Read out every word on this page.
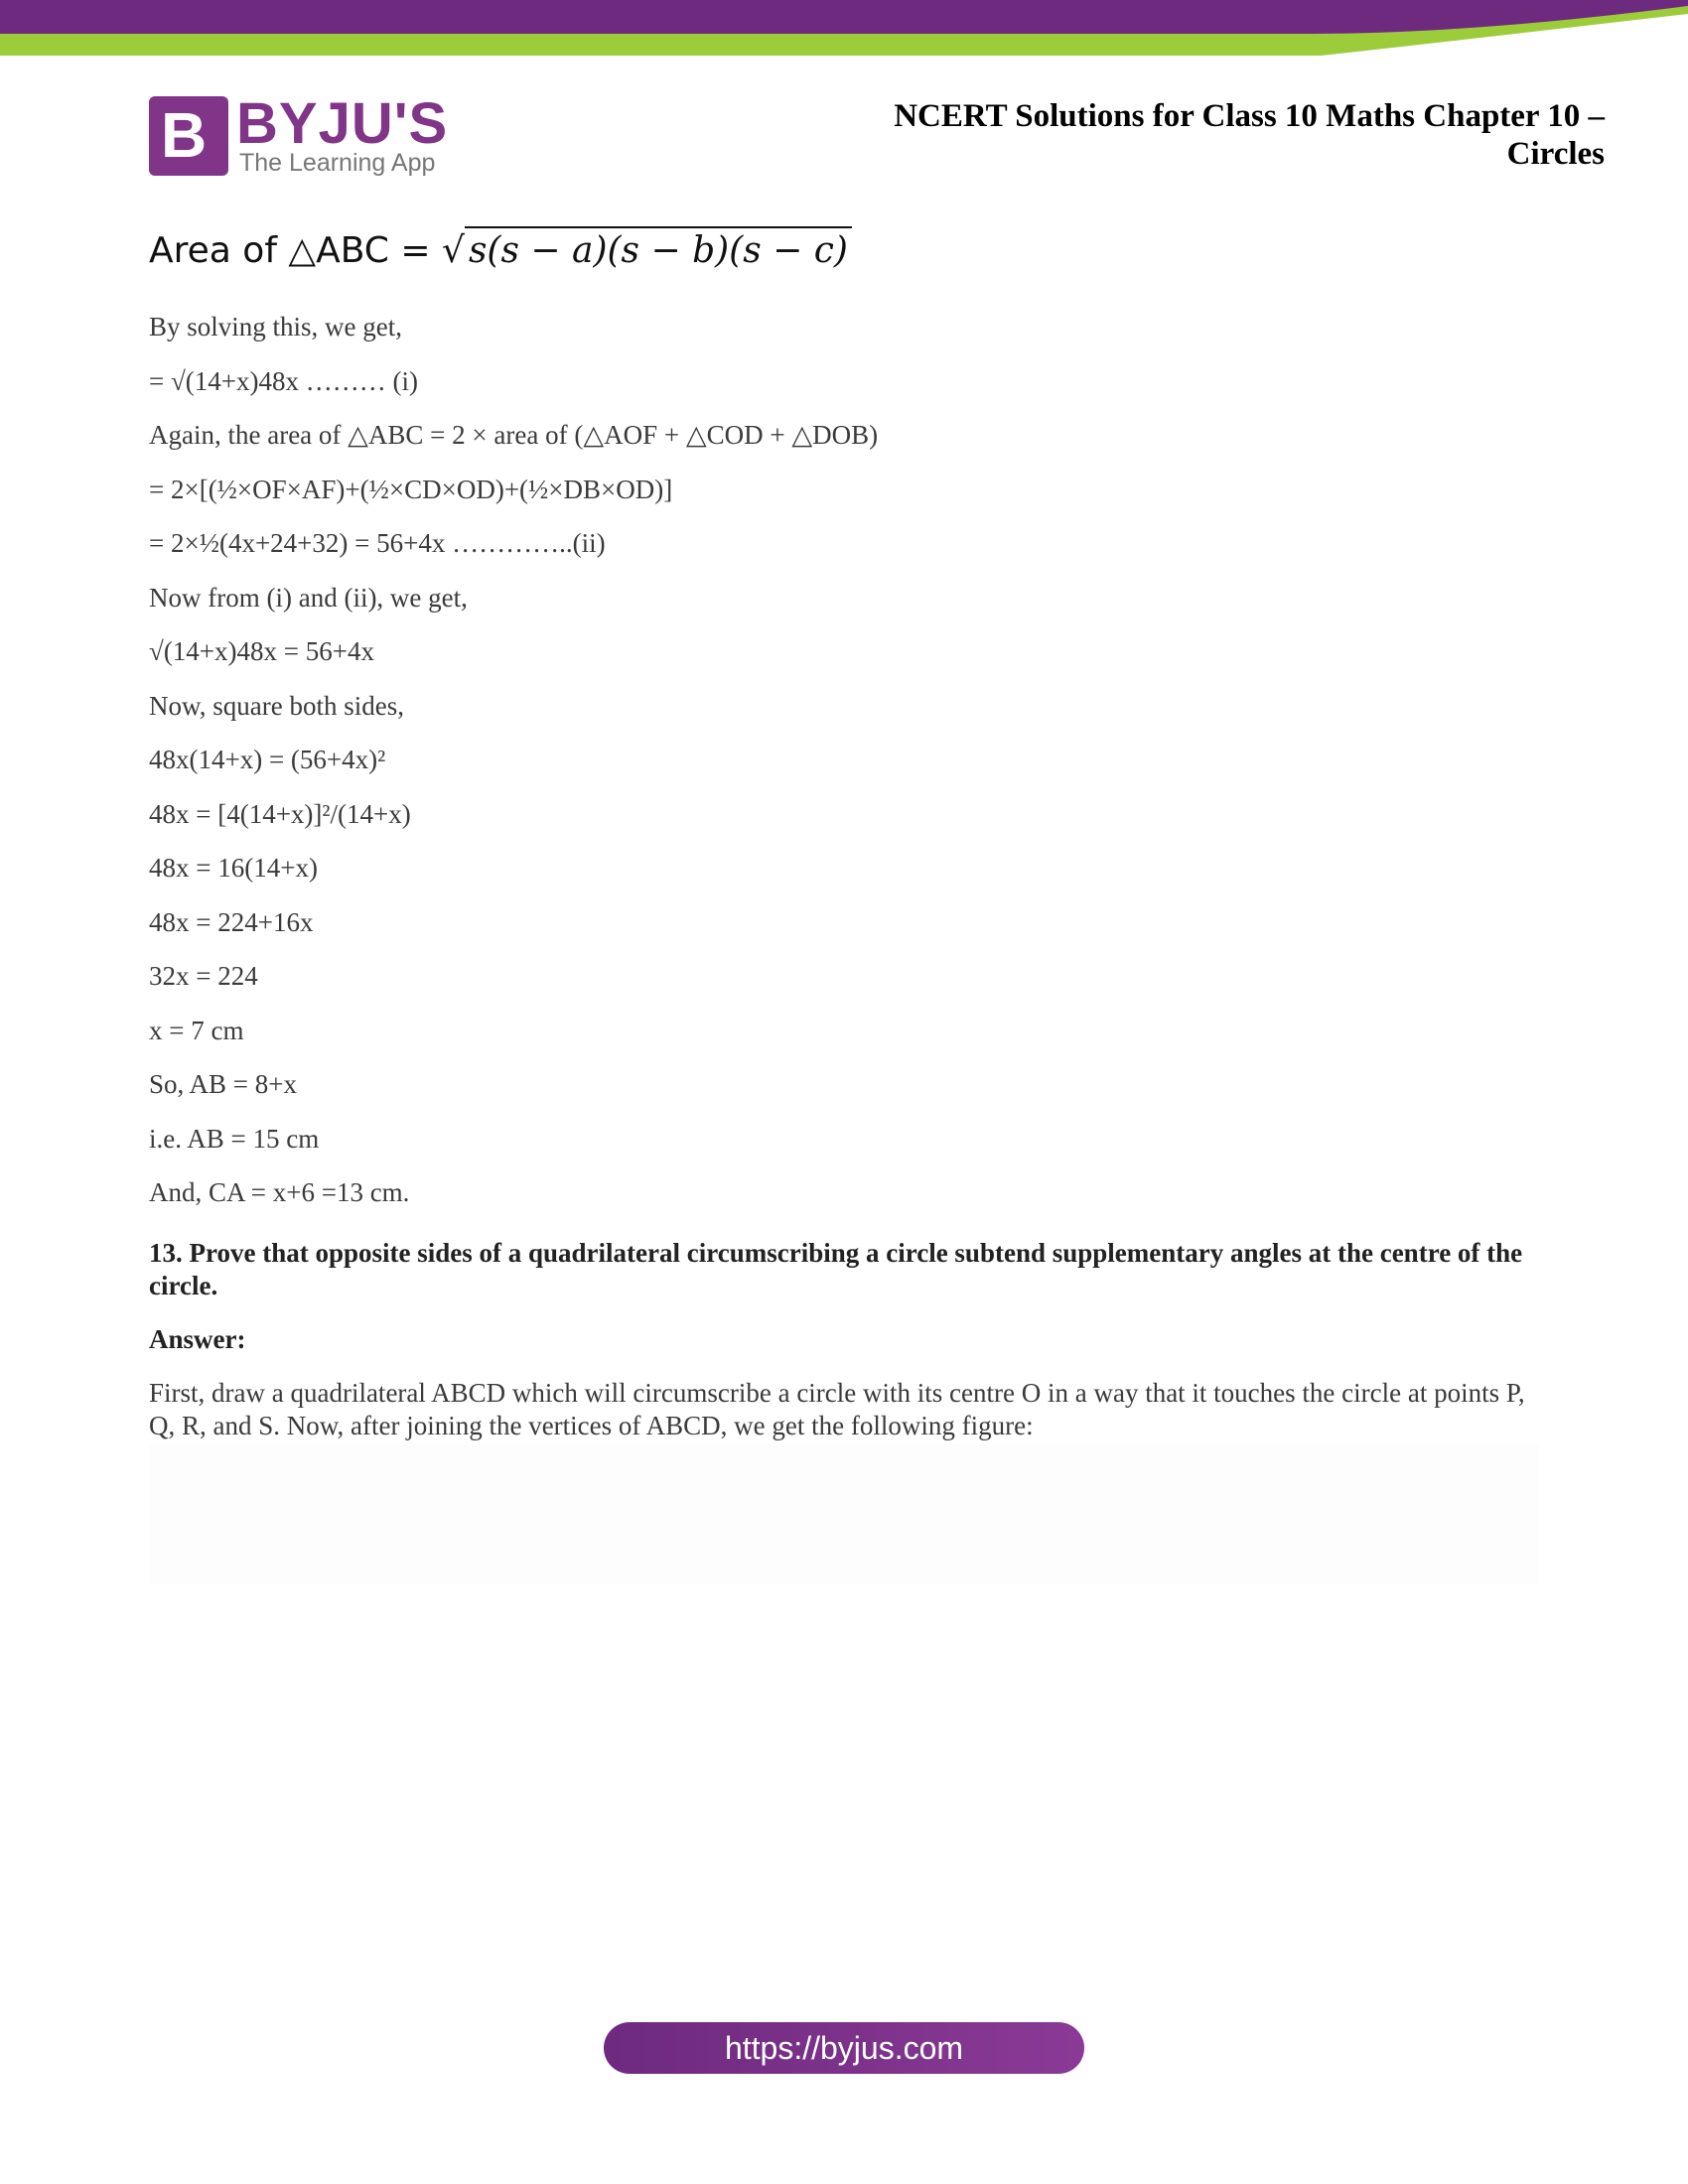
B BYJU'S
The Learning App
NCERT Solutions for Class 10 Maths Chapter 10 – Circles
Area of △ABC = √ s(s − a)(s − b)(s − c)
By solving this, we get,
= √(14+x)48x ……… (i)
Again, the area of △ABC = 2 × area of (△AOF + △COD + △DOB)
= 2×[(½×OF×AF)+(½×CD×OD)+(½×DB×OD)]
= 2×½(4x+24+32) = 56+4x …………..(ii)
Now from (i) and (ii), we get,
√(14+x)48x = 56+4x
Now, square both sides,
48x(14+x) = (56+4x)²
48x = [4(14+x)]²/(14+x)
48x = 16(14+x)
48x = 224+16x
32x = 224
x = 7 cm
So, AB = 8+x
i.e. AB = 15 cm
And, CA = x+6 =13 cm.
13. Prove that opposite sides of a quadrilateral circumscribing a circle subtend supplementary angles at the centre of the circle.
Answer:
First, draw a quadrilateral ABCD which will circumscribe a circle with its centre O in a way that it touches the circle at points P, Q, R, and S. Now, after joining the vertices of ABCD, we get the following figure:
https://byjus.com
